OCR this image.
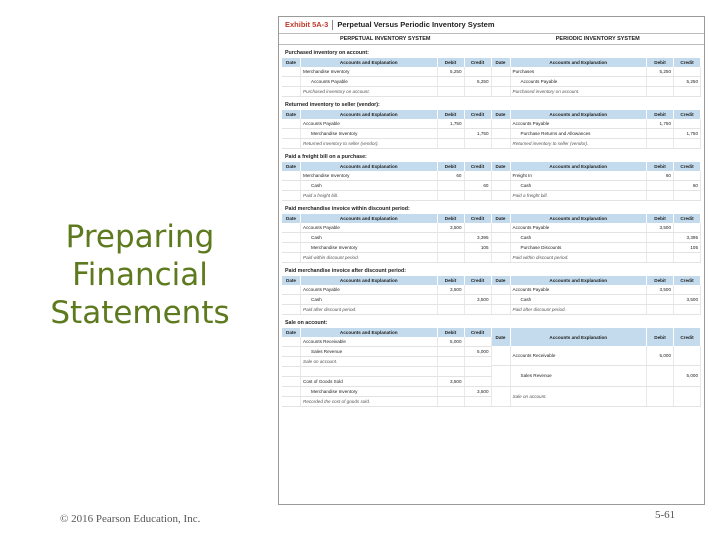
Preparing
Financial
Statements
Exhibit 5A-3 Perpetual Versus Periodic Inventory System
PERPETUAL INVENTORY SYSTEM	PERIODIC INVENTORY SYSTEM
Purchased inventory on account:
Date	Accounts and Explanation	Debit	Credit
	Merchandise Inventory	5,250	
	Accounts Payable		5,250
	Purchased inventory on account.		
Date	Accounts and Explanation	Debit	Credit
	Purchases	5,250	
	Accounts Payable		5,250
	Purchased inventory on account.		
Returned inventory to seller (vendor):
Date	Accounts and Explanation	Debit	Credit
	Accounts Payable	1,750	
	Merchandise Inventory		1,750
	Returned inventory to seller (vendor).		
Date	Accounts and Explanation	Debit	Credit
	Accounts Payable	1,750	
	Purchase Returns and Allowances		1,750
	Returned inventory to seller (vendor).		
Paid a freight bill on a purchase:
Date	Accounts and Explanation	Debit	Credit
	Merchandise Inventory	60	
	Cash		60
	Paid a freight bill.		
Date	Accounts and Explanation	Debit	Credit
	Freight In	60	
	Cash		60
	Paid a freight bill.		
Paid merchandise invoice within discount period:
Date	Accounts and Explanation	Debit	Credit
	Accounts Payable	3,500	
	Cash		3,395
	Merchandise Inventory		105
	Paid within discount period.		
Date	Accounts and Explanation	Debit	Credit
	Accounts Payable	3,500	
	Cash		3,395
	Purchase Discounts		105
	Paid within discount period.		
Paid merchandise invoice after discount period:
Date	Accounts and Explanation	Debit	Credit
	Accounts Payable	3,500	
	Cash		3,500
	Paid after discount period.		
Date	Accounts and Explanation	Debit	Credit
	Accounts Payable	3,500	
	Cash		3,500
	Paid after discount period.		
Sale on account:
Date	Accounts and Explanation	Debit	Credit
	Accounts Receivable	5,000	
	Sales Revenue		5,000
	Sale on account.		

	Cost of Goods Sold	3,500	
	Merchandise Inventory		3,500
	Recorded the cost of goods sold.		
Date	Accounts and Explanation	Debit	Credit
	Accounts Receivable	5,000	
	Sales Revenue		5,000
	Sale on account.		
© 2016 Pearson Education, Inc.	5-61
